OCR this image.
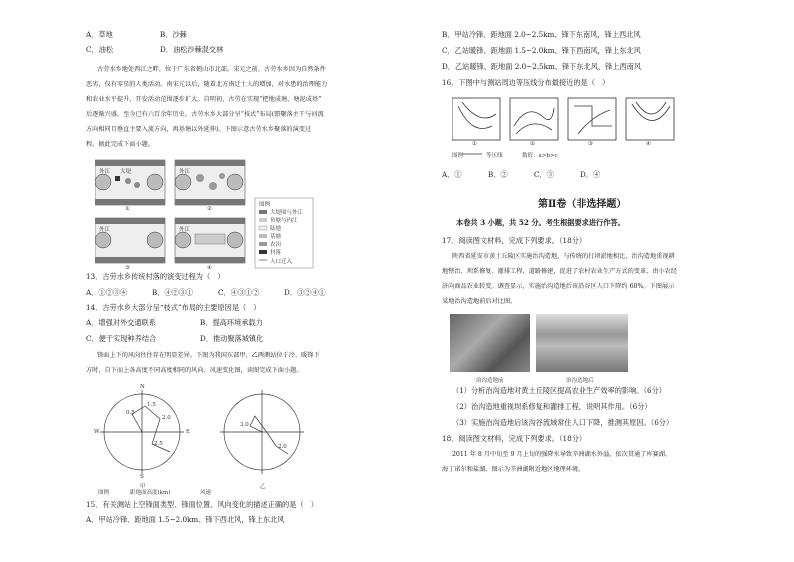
A．草地	B．沙棘
C．油松	D．油松沙棘混交林
古劳水乡地处西江之畔，位于广东省鹤山市北部。宋元之前，古劳水乡因为自然条件
恶劣，仅有零星的人类活动。南宋元以后，随着北方南迁士人的增加，对水患的治理能力
和农业水平提升，开发活动范围逐步扩大。自明初，古劳在实现“把地成塘，塘泥成基”
后逐渐兴盛，至今已有六百余年历史。古劳水乡大部分呈“枝式”布局(即聚落主干与河流
方向相同且垂直主要入流方向，再基塘以外延伸)。下图示意古劳水乡聚落的演变过
程。据此完成下面小题。
①	②
③	④
外江 大堤	外江
外江	外江
图例
大堤围与外江
鱼塘与内江
陆地
基塘
农田
村落
人口迁入
13．古劳水乡传统村落的演变过程为（　）
A．①②③④	B．④②③①	C．④③①②	D．③②④①
14．古劳水乡大部分呈“枝式”布局的主要原因是（　）
A．增强对外交通联系	B．提高环境承载力
C．便于实现种养结合	D．推动聚落城镇化
锋面上下的风向往往存在明显差异。下图为我国东部甲、乙两测站位于冷、暖锋下
方时，自下而上各高度不同高度相同的风向、风速变化图，读图完成下面小题。
N
S
W	E
甲	乙
0.5
1.5
2.0
2.5
3.0
2.0
图例	距地面高度(km)	风速
15．有关测站上空锋面类型、锋面位置、风向变化的描述正确的是（　）
A．甲站冷锋、距地面 1.5~2.0km、锋下西北风，锋上东北风
B．甲站冷锋、距地面 2.0~2.5km、锋下东南风，锋上西北风
C．乙站暖锋、距地面 1.5~2.0km、锋下西南风，锋上东北风
D．乙站暖锋、距地面 2.0~2.5km、锋下东北风，锋上西南风
16．下图中与测站周边等压线分布最接近的是（　）
①	②	③	④
图例	等压线	数值：a>b>c
A．①	B．②	C．③	D．④
第Ⅱ卷（非选择题）
本卷共 3 小题，共 52 分。考生根据要求进行作答。
17．阅读图文材料，完成下列要求。（18分）
陕西省延安市黄土丘陵区实施治沟造地，与传统的打坝淤地相比，治沟造地重视耕
地整治、坝系修复、灌排工程、道路修建，促进了农村农业生产方式的变革，由小农经
济向商品农业转变。调查显示，实施治沟造地后该沿谷区人口下降约 60%。下图展示
某地治沟造地前后对比图。
治沟造地前	治沟造地后
（1）分析治沟造地对黄土丘陵区提高农业生产效率的影响。（6分）
（2）治沟造地重视坝系修复和灌排工程，说明其作用。（6分）
（3）实施治沟造地后该沟谷流域常住人口下降，推测其原因。（6分）
18．阅读图文材料，完成下列要求。（18分）
2011 年 8 月中旬至 9 月上旬的强降水导致辛洲湖水外溢，依次贯通了库赛湖、
海丁诺尔和盐湖。图示为辛洲湖附近地区地理环境。
